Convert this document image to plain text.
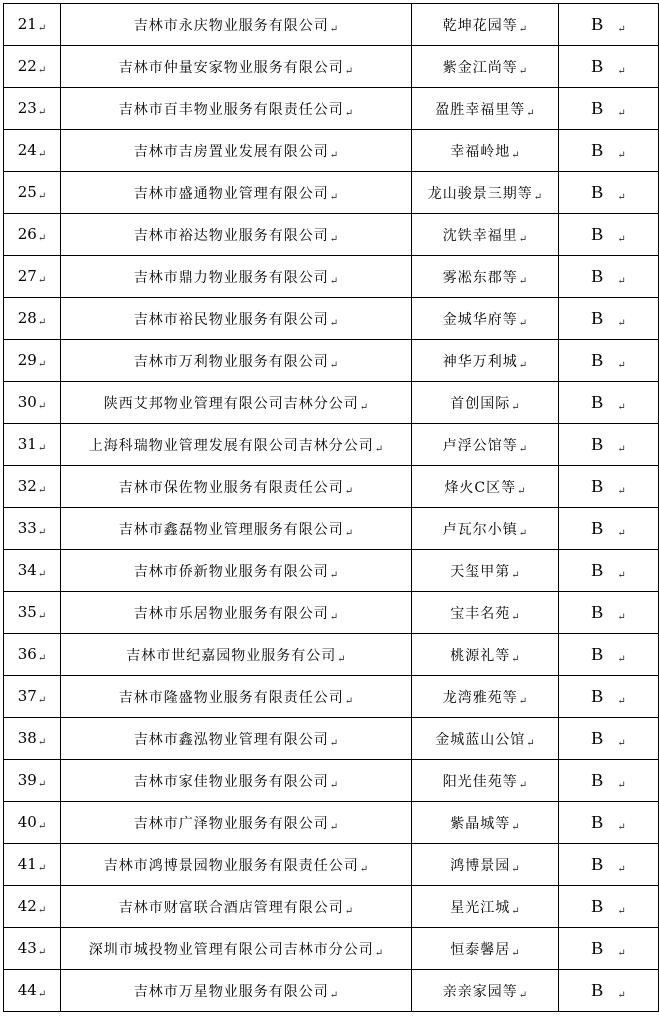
21↵	吉林市永庆物业服务有限公司↵	乾坤花园等↵	B ↵
22↵	吉林市仲量安家物业服务有限公司↵	紫金江尚等↵	B ↵
23↵	吉林市百丰物业服务有限责任公司↵	盈胜幸福里等↵	B ↵
24↵	吉林市吉房置业发展有限公司↵	幸福岭地↵	B ↵
25↵	吉林市盛通物业管理有限公司↵	龙山骏景三期等↵	B ↵
26↵	吉林市裕达物业服务有限公司↵	沈铁幸福里↵	B ↵
27↵	吉林市鼎力物业服务有限公司↵	雾凇东郡等↵	B ↵
28↵	吉林市裕民物业服务有限公司↵	金城华府等↵	B ↵
29↵	吉林市万利物业服务有限公司↵	神华万利城↵	B ↵
30↵	陕西艾邦物业管理有限公司吉林分公司↵	首创国际↵	B ↵
31↵	上海科瑞物业管理发展有限公司吉林分公司↵	卢浮公馆等↵	B ↵
32↵	吉林市保佐物业服务有限责任公司↵	烽火C区等↵	B ↵
33↵	吉林市鑫磊物业管理服务有限公司↵	卢瓦尔小镇↵	B ↵
34↵	吉林市侨新物业服务有限公司↵	天玺甲第↵	B ↵
35↵	吉林市乐居物业服务有限公司↵	宝丰名苑↵	B ↵
36↵	吉林市世纪嘉园物业服务有公司↵	桃源礼等↵	B ↵
37↵	吉林市隆盛物业服务有限责任公司↵	龙湾雅苑等↵	B ↵
38↵	吉林市鑫泓物业管理有限公司↵	金城蓝山公馆↵	B ↵
39↵	吉林市家佳物业服务有限公司↵	阳光佳苑等↵	B ↵
40↵	吉林市广泽物业服务有限公司↵	紫晶城等↵	B ↵
41↵	吉林市鸿博景园物业服务有限责任公司↵	鸿博景园↵	B ↵
42↵	吉林市财富联合酒店管理有限公司↵	星光江城↵	B ↵
43↵	深圳市城投物业管理有限公司吉林市分公司↵	恒泰馨居↵	B ↵
44↵	吉林市万星物业服务有限公司↵	亲亲家园等↵	B ↵
